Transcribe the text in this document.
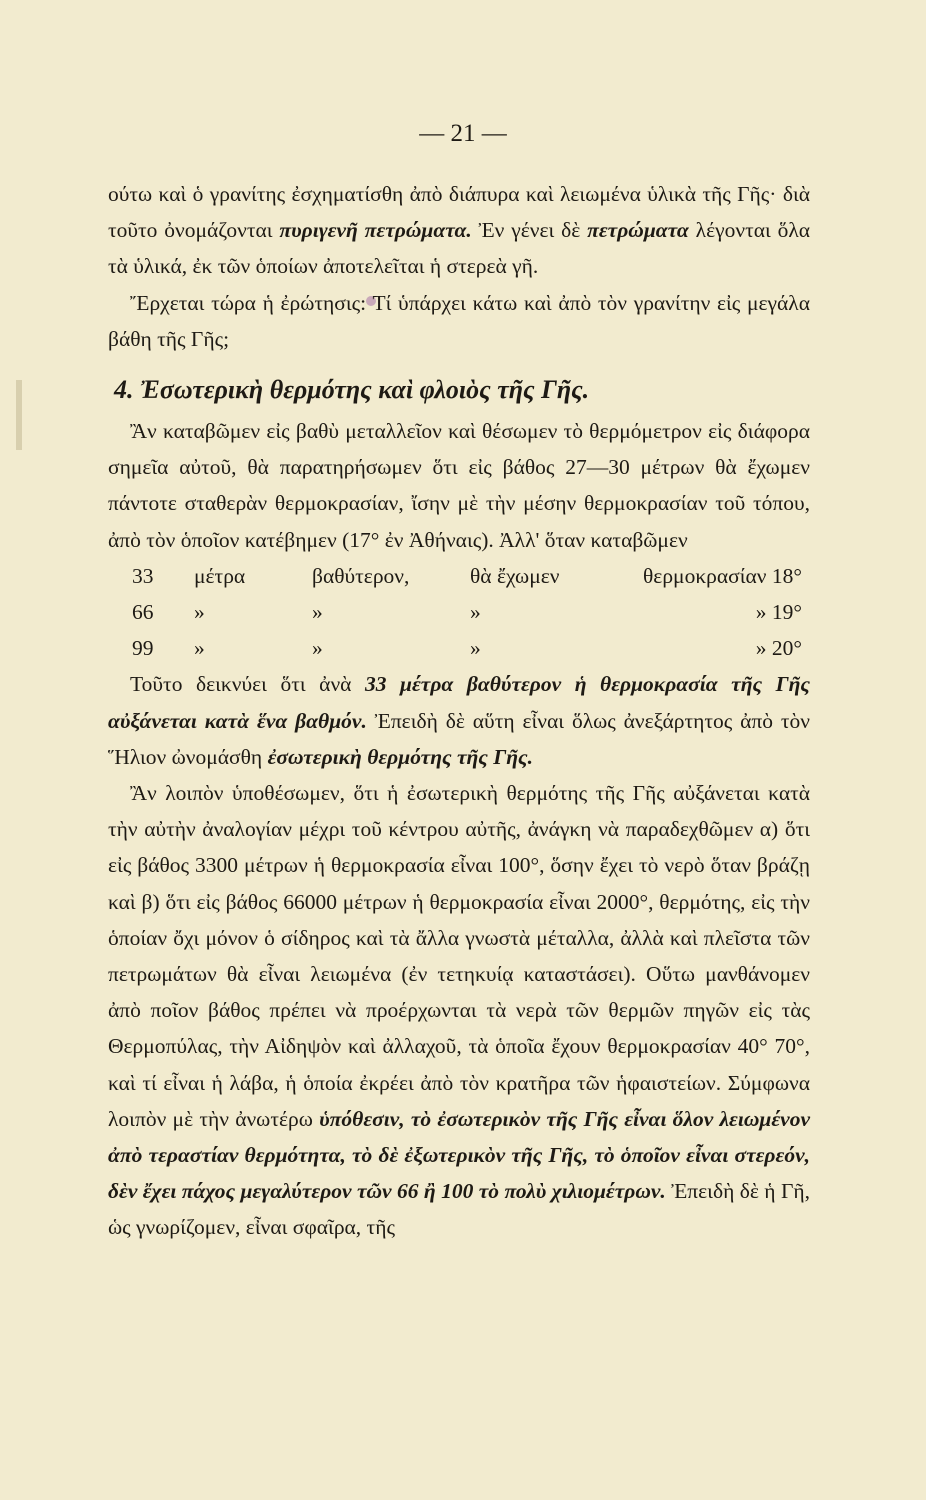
— 21 —

ούτω καὶ ὁ γρανίτης ἐσχηματίσθη ἀπὸ διάπυρα καὶ λειωμένα ὑλικὰ τῆς Γῆς· διὰ τοῦτο ὀνομάζονται πυριγενῆ πετρώματα. Ἐν γένει δὲ πετρώματα λέγονται ὅλα τὰ ὑλικά, ἐκ τῶν ὁποίων ἀποτελεῖται ἡ στερεὰ γῆ.

Ἔρχεται τώρα ἡ ἐρώτησις: Τί ὑπάρχει κάτω καὶ ἀπὸ τὸν γρανίτην εἰς μεγάλα βάθη τῆς Γῆς;

4. Ἐσωτερικὴ θερμότης καὶ φλοιὸς τῆς Γῆς.

Ἂν καταβῶμεν εἰς βαθὺ μεταλλεῖον καὶ θέσωμεν τὸ θερμόμετρον εἰς διάφορα σημεῖα αὐτοῦ, θὰ παρατηρήσωμεν ὅτι εἰς βάθος 27—30 μέτρων θὰ ἔχωμεν πάντοτε σταθερὰν θερμοκρασίαν, ἴσην μὲ τὴν μέσην θερμοκρασίαν τοῦ τόπου, ἀπὸ τὸν ὁποῖον κατέβημεν (17° ἐν Ἀθήναις). Ἀλλ' ὅταν καταβῶμεν

33	μέτρα	βαθύτερον,	θὰ ἔχωμεν	θερμοκρασίαν 18°
66	»	»	»	» 19°
99	»	»	»	» 20°

Τοῦτο δεικνύει ὅτι ἀνὰ 33 μέτρα βαθύτερον ἡ θερμοκρασία τῆς Γῆς αὐξάνεται κατὰ ἕνα βαθμόν. Ἐπειδὴ δὲ αὕτη εἶναι ὅλως ἀνεξάρτητος ἀπὸ τὸν Ἥλιον ὠνομάσθη ἐσωτερικὴ θερμότης τῆς Γῆς.

Ἂν λοιπὸν ὑποθέσωμεν, ὅτι ἡ ἐσωτερικὴ θερμότης τῆς Γῆς αὐξάνεται κατὰ τὴν αὐτὴν ἀναλογίαν μέχρι τοῦ κέντρου αὐτῆς, ἀνάγκη νὰ παραδεχθῶμεν α) ὅτι εἰς βάθος 3300 μέτρων ἡ θερμοκρασία εἶναι 100°, ὅσην ἔχει τὸ νερὸ ὅταν βράζῃ καὶ β) ὅτι εἰς βάθος 66000 μέτρων ἡ θερμοκρασία εἶναι 2000°, θερμότης, εἰς τὴν ὁποίαν ὄχι μόνον ὁ σίδηρος καὶ τὰ ἄλλα γνωστὰ μέταλλα, ἀλλὰ καὶ πλεῖστα τῶν πετρωμάτων θὰ εἶναι λειωμένα (ἐν τετηκυίᾳ καταστάσει). Οὕτω μανθάνομεν ἀπὸ ποῖον βάθος πρέπει νὰ προέρχωνται τὰ νερὰ τῶν θερμῶν πηγῶν εἰς τὰς Θερμοπύλας, τὴν Αἰδηψὸν καὶ ἀλλαχοῦ, τὰ ὁποῖα ἔχουν θερμοκρασίαν 40° 70°, καὶ τί εἶναι ἡ λάβα, ἡ ὁποία ἐκρέει ἀπὸ τὸν κρατῆρα τῶν ἡφαιστείων. Σύμφωνα λοιπὸν μὲ τὴν ἀνωτέρω ὑπόθεσιν, τὸ ἐσωτερικὸν τῆς Γῆς εἶναι ὅλον λειωμένον ἀπὸ τεραστίαν θερμότητα, τὸ δὲ ἐξωτερικὸν τῆς Γῆς, τὸ ὁποῖον εἶναι στερεόν, δὲν ἔχει πάχος μεγαλύτερον τῶν 66 ἢ 100 τὸ πολὺ χιλιομέτρων. Ἐπειδὴ δὲ ἡ Γῆ, ὡς γνωρίζομεν, εἶναι σφαῖρα, τῆς
